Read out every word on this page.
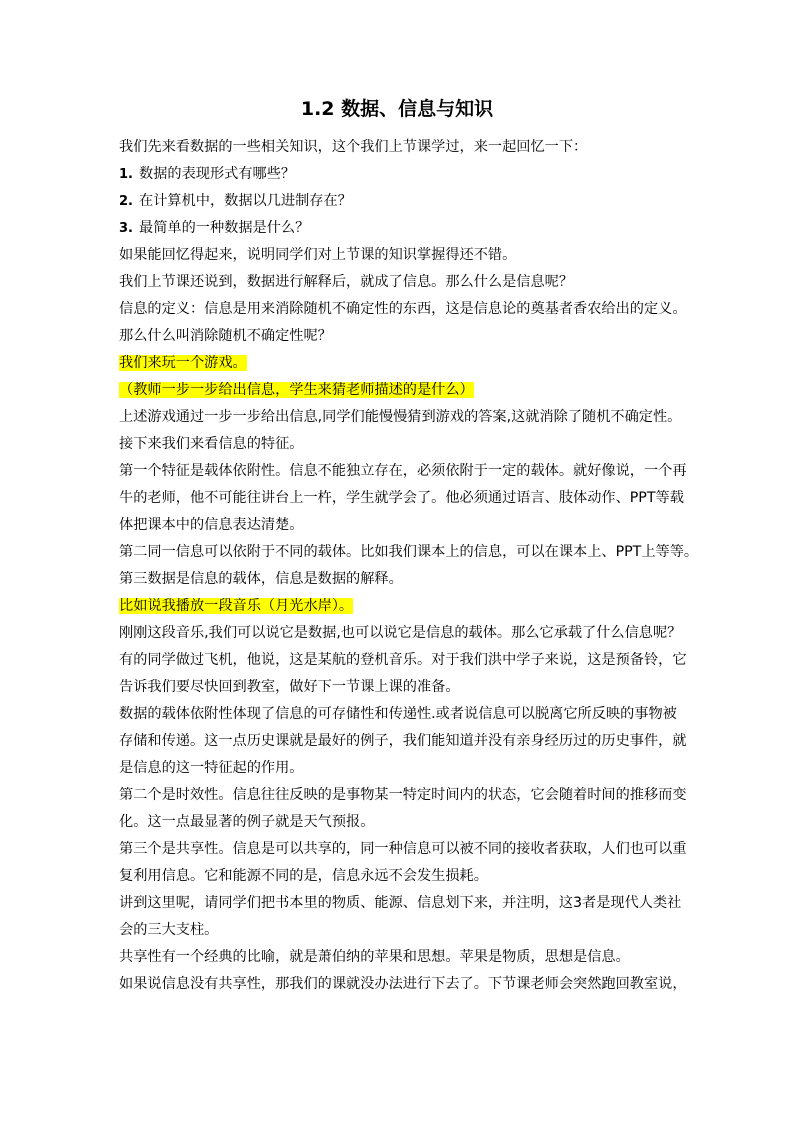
1.2 数据、信息与知识
我们先来看数据的一些相关知识，这个我们上节课学过，来一起回忆一下：
1. 数据的表现形式有哪些？
2. 在计算机中，数据以几进制存在？
3. 最简单的一种数据是什么？
如果能回忆得起来，说明同学们对上节课的知识掌握得还不错。
我们上节课还说到，数据进行解释后，就成了信息。那么什么是信息呢？
信息的定义：信息是用来消除随机不确定性的东西，这是信息论的奠基者香农给出的定义。
那么什么叫消除随机不确定性呢？
我们来玩一个游戏。
（教师一步一步给出信息，学生来猜老师描述的是什么）
上述游戏通过一步一步给出信息,同学们能慢慢猜到游戏的答案,这就消除了随机不确定性。
接下来我们来看信息的特征。
第一个特征是载体依附性。信息不能独立存在，必须依附于一定的载体。就好像说，一个再
牛的老师，他不可能往讲台上一杵，学生就学会了。他必须通过语言、肢体动作、PPT等载
体把课本中的信息表达清楚。
第二同一信息可以依附于不同的载体。比如我们课本上的信息，可以在课本上、PPT上等等。
第三数据是信息的载体，信息是数据的解释。
比如说我播放一段音乐（月光水岸）。
刚刚这段音乐,我们可以说它是数据,也可以说它是信息的载体。那么它承载了什么信息呢？
有的同学做过飞机，他说，这是某航的登机音乐。对于我们洪中学子来说，这是预备铃，它
告诉我们要尽快回到教室，做好下一节课上课的准备。
数据的载体依附性体现了信息的可存储性和传递性.或者说信息可以脱离它所反映的事物被
存储和传递。这一点历史课就是最好的例子，我们能知道并没有亲身经历过的历史事件，就
是信息的这一特征起的作用。
第二个是时效性。信息往往反映的是事物某一特定时间内的状态，它会随着时间的推移而变
化。这一点最显著的例子就是天气预报。
第三个是共享性。信息是可以共享的，同一种信息可以被不同的接收者获取，人们也可以重
复利用信息。它和能源不同的是，信息永远不会发生损耗。
讲到这里呢，请同学们把书本里的物质、能源、信息划下来，并注明，这3者是现代人类社
会的三大支柱。
共享性有一个经典的比喻，就是萧伯纳的苹果和思想。苹果是物质，思想是信息。
如果说信息没有共享性，那我们的课就没办法进行下去了。下节课老师会突然跑回教室说，
